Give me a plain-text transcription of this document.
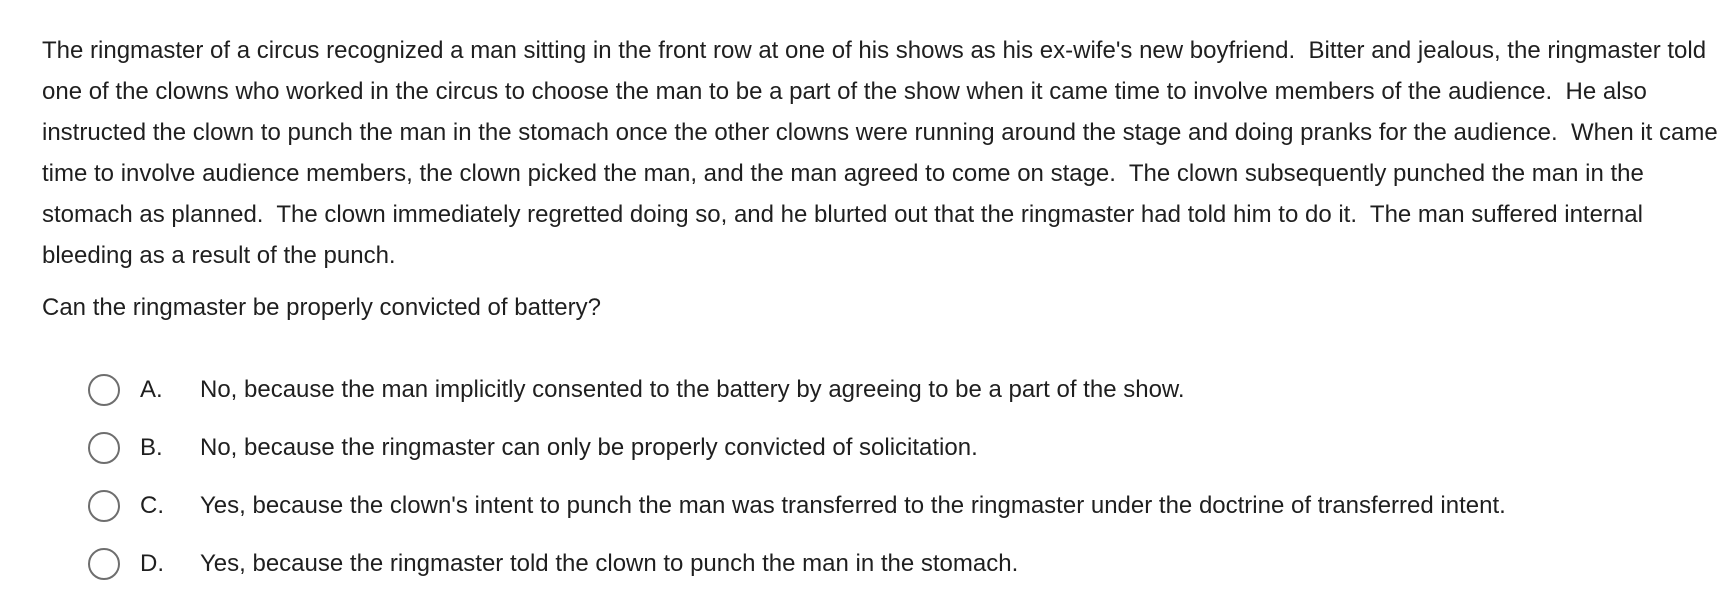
The ringmaster of a circus recognized a man sitting in the front row at one of his shows as his ex-wife's new boyfriend. Bitter and jealous, the ringmaster told one of the clowns who worked in the circus to choose the man to be a part of the show when it came time to involve members of the audience. He also instructed the clown to punch the man in the stomach once the other clowns were running around the stage and doing pranks for the audience. When it came time to involve audience members, the clown picked the man, and the man agreed to come on stage. The clown subsequently punched the man in the stomach as planned. The clown immediately regretted doing so, and he blurted out that the ringmaster had told him to do it. The man suffered internal bleeding as a result of the punch.

Can the ringmaster be properly convicted of battery?

A.	No, because the man implicitly consented to the battery by agreeing to be a part of the show.
B.	No, because the ringmaster can only be properly convicted of solicitation.
C.	Yes, because the clown's intent to punch the man was transferred to the ringmaster under the doctrine of transferred intent.
D.	Yes, because the ringmaster told the clown to punch the man in the stomach.
